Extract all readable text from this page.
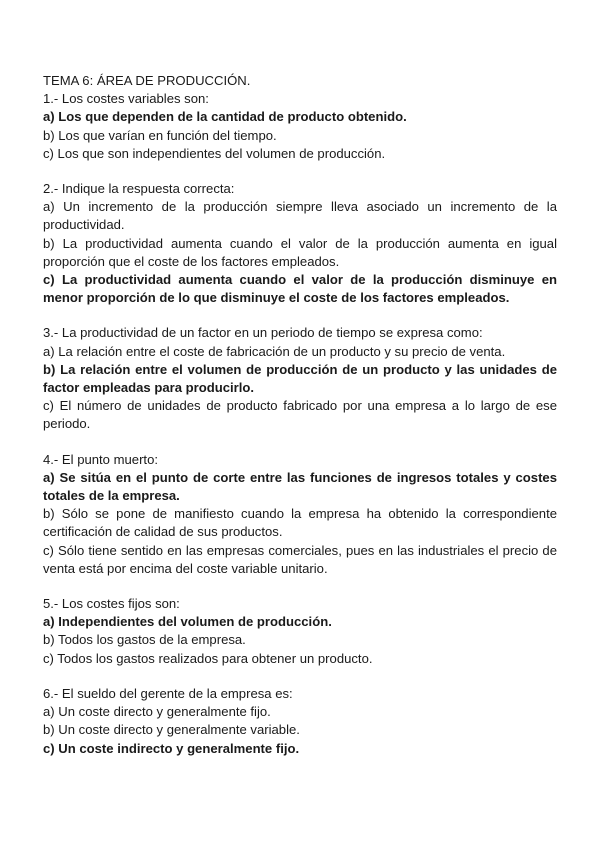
TEMA 6: ÁREA DE PRODUCCIÓN.

1.- Los costes variables son:

a) Los que dependen de la cantidad de producto obtenido.

b) Los que varían en función del tiempo.

c) Los que son independientes del volumen de producción.

2.- Indique la respuesta correcta:

a) Un incremento de la producción siempre lleva asociado un incremento de la productividad.

b) La productividad aumenta cuando el valor de la producción aumenta en igual proporción que el coste de los factores empleados.

c) La productividad aumenta cuando el valor de la producción disminuye en menor proporción de lo que disminuye el coste de los factores empleados.

3.- La productividad de un factor en un periodo de tiempo se expresa como:

a) La relación entre el coste de fabricación de un producto y su precio de venta.

b) La relación entre el volumen de producción de un producto y las unidades de factor empleadas para producirlo.

c) El número de unidades de producto fabricado por una empresa a lo largo de ese periodo.

4.- El punto muerto:

a) Se sitúa en el punto de corte entre las funciones de ingresos totales y costes totales de la empresa.

b) Sólo se pone de manifiesto cuando la empresa ha obtenido la correspondiente certificación de calidad de sus productos.

c) Sólo tiene sentido en las empresas comerciales, pues en las industriales el precio de venta está por encima del coste variable unitario.

5.- Los costes fijos son:

a) Independientes del volumen de producción.

b) Todos los gastos de la empresa.

c) Todos los gastos realizados para obtener un producto.

6.- El sueldo del gerente de la empresa es:

a) Un coste directo y generalmente fijo.

b) Un coste directo y generalmente variable.

c) Un coste indirecto y generalmente fijo.
